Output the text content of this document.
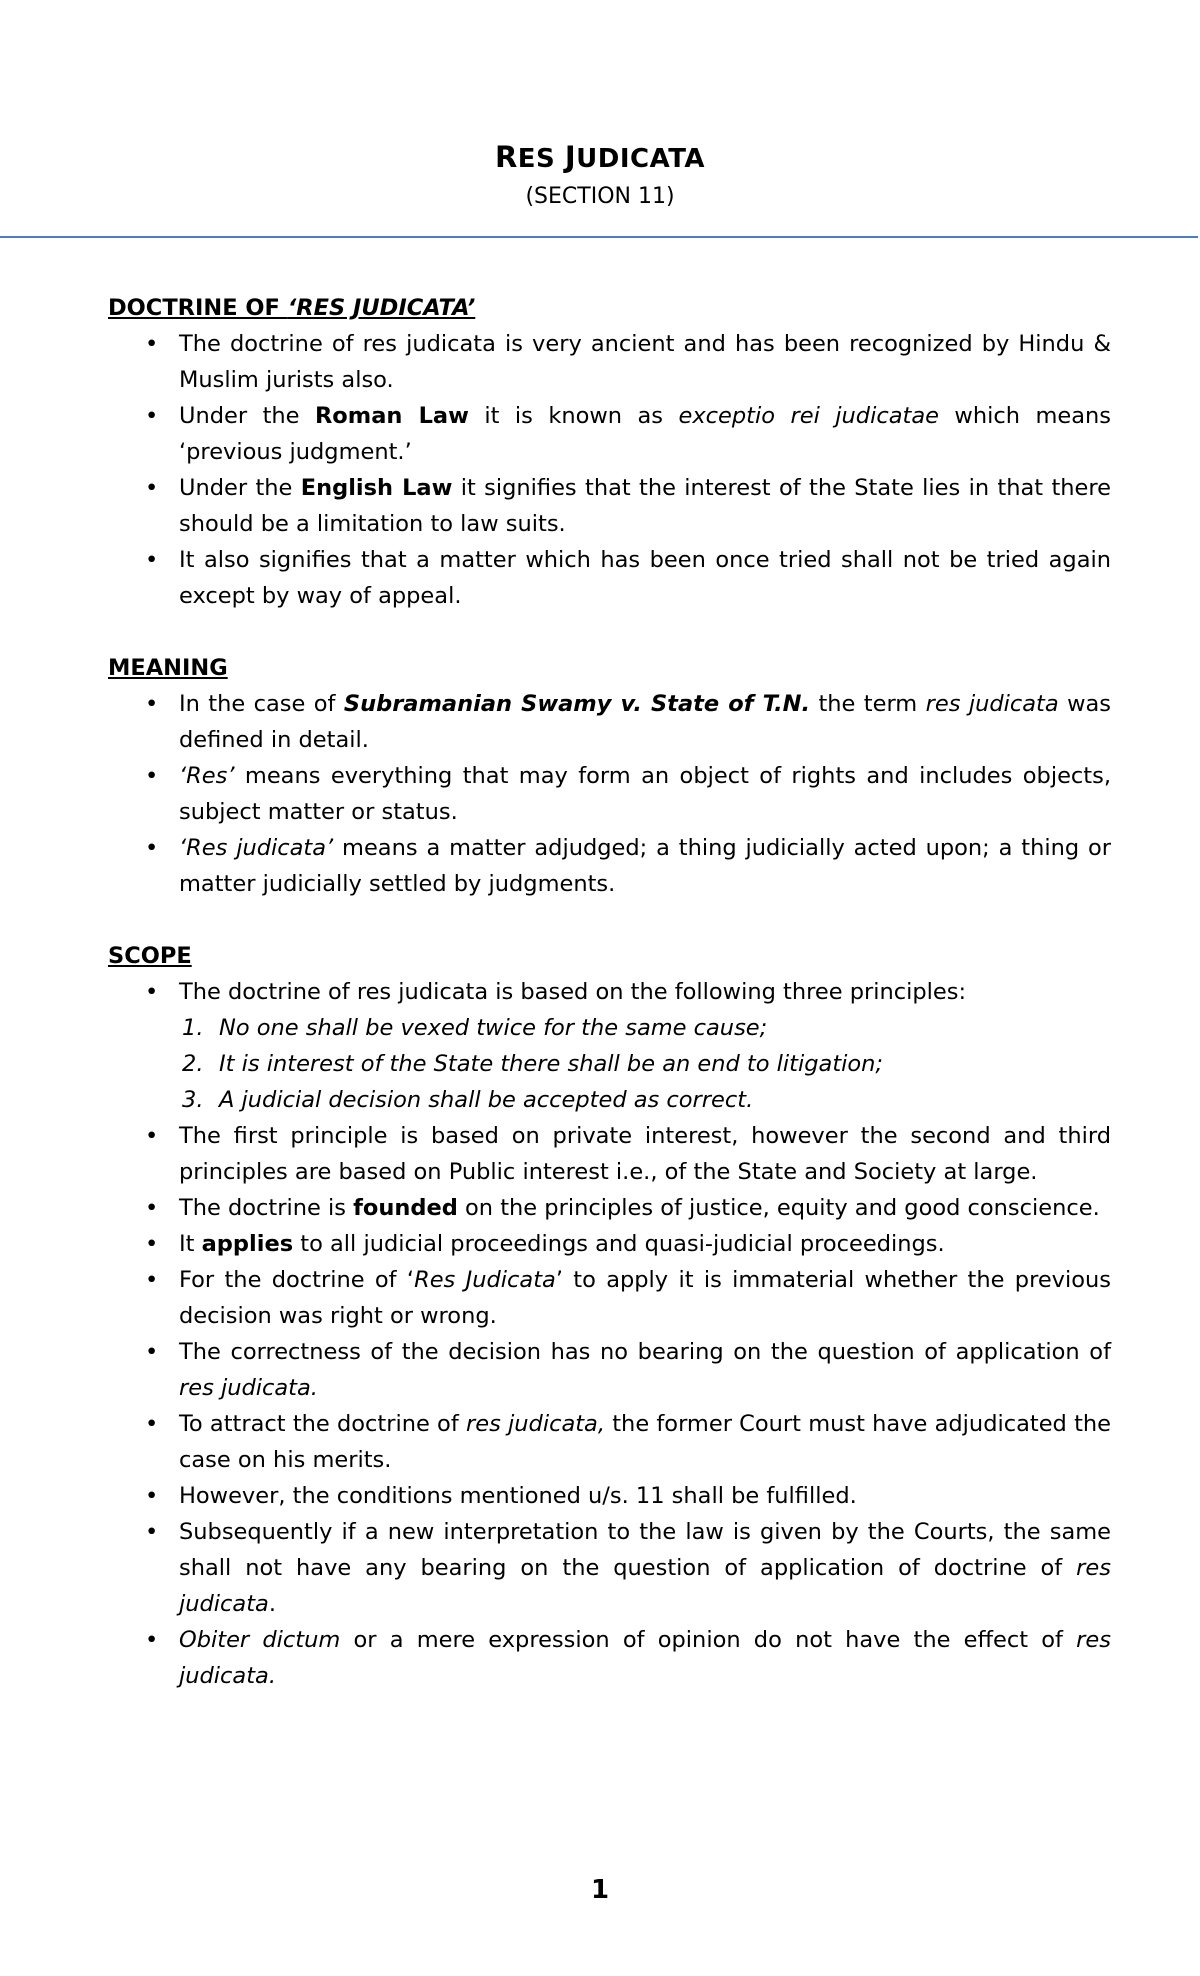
RES JUDICATA
(SECTION 11)
DOCTRINE OF ‘RES JUDICATA’
• The doctrine of res judicata is very ancient and has been recognized by Hindu & Muslim jurists also.
• Under the Roman Law it is known as exceptio rei judicatae which means ‘previous judgment.’
• Under the English Law it signifies that the interest of the State lies in that there should be a limitation to law suits.
• It also signifies that a matter which has been once tried shall not be tried again except by way of appeal.
MEANING
• In the case of Subramanian Swamy v. State of T.N. the term res judicata was defined in detail.
• ‘Res’ means everything that may form an object of rights and includes objects, subject matter or status.
• ‘Res judicata’ means a matter adjudged; a thing judicially acted upon; a thing or matter judicially settled by judgments.
SCOPE
• The doctrine of res judicata is based on the following three principles:
1. No one shall be vexed twice for the same cause;
2. It is interest of the State there shall be an end to litigation;
3. A judicial decision shall be accepted as correct.
• The first principle is based on private interest, however the second and third principles are based on Public interest i.e., of the State and Society at large.
• The doctrine is founded on the principles of justice, equity and good conscience.
• It applies to all judicial proceedings and quasi-judicial proceedings.
• For the doctrine of ‘Res Judicata’ to apply it is immaterial whether the previous decision was right or wrong.
• The correctness of the decision has no bearing on the question of application of res judicata.
• To attract the doctrine of res judicata, the former Court must have adjudicated the case on his merits.
• However, the conditions mentioned u/s. 11 shall be fulfilled.
• Subsequently if a new interpretation to the law is given by the Courts, the same shall not have any bearing on the question of application of doctrine of res judicata.
• Obiter dictum or a mere expression of opinion do not have the effect of res judicata.
1
